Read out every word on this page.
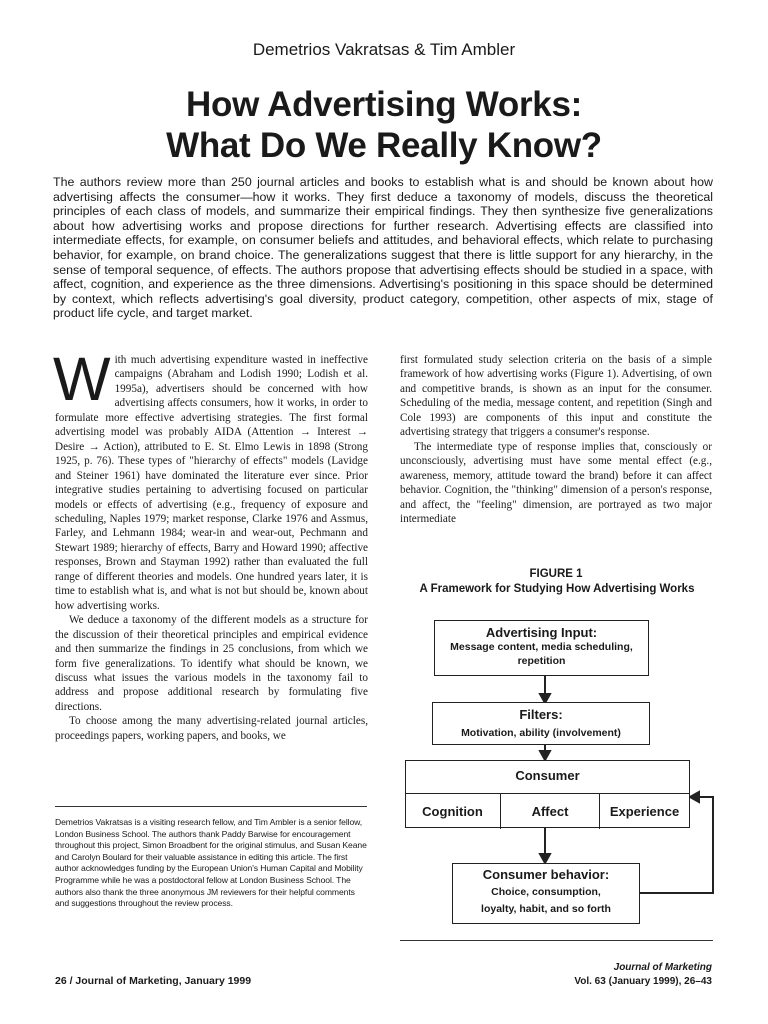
Demetrios Vakratsas & Tim Ambler
How Advertising Works:
What Do We Really Know?

The authors review more than 250 journal articles and books to establish what is and should be known about how advertising affects the consumer—how it works. They first deduce a taxonomy of models, discuss the theoretical principles of each class of models, and summarize their empirical findings. They then synthesize five generalizations about how advertising works and propose directions for further research. Advertising effects are classified into intermediate effects, for example, on consumer beliefs and attitudes, and behavioral effects, which relate to purchasing behavior, for example, on brand choice. The generalizations suggest that there is little support for any hierarchy, in the sense of temporal sequence, of effects. The authors propose that advertising effects should be studied in a space, with affect, cognition, and experience as the three dimensions. Advertising's positioning in this space should be determined by context, which reflects advertising's goal diversity, product category, competition, other aspects of mix, stage of product life cycle, and target market.

W ith much advertising expenditure wasted in ineffective campaigns (Abraham and Lodish 1990; Lodish et al. 1995a), advertisers should be concerned with how advertising affects consumers, how it works, in order to formulate more effective advertising strategies. The first formal advertising model was probably AIDA (Attention → Interest → Desire → Action), attributed to E. St. Elmo Lewis in 1898 (Strong 1925, p. 76). These types of "hierarchy of effects" models (Lavidge and Steiner 1961) have dominated the literature ever since. Prior integrative studies pertaining to advertising focused on particular models or effects of advertising (e.g., frequency of exposure and scheduling, Naples 1979; market response, Clarke 1976 and Assmus, Farley, and Lehmann 1984; wear-in and wear-out, Pechmann and Stewart 1989; hierarchy of effects, Barry and Howard 1990; affective responses, Brown and Stayman 1992) rather than evaluated the full range of different theories and models. One hundred years later, it is time to establish what is, and what is not but should be, known about how advertising works.

We deduce a taxonomy of the different models as a structure for the discussion of their theoretical principles and empirical evidence and then summarize the findings in 25 conclusions, from which we form five generalizations. To identify what should be known, we discuss what issues the various models in the taxonomy fail to address and propose additional research by formulating five directions.

To choose among the many advertising-related journal articles, proceedings papers, working papers, and books, we

Demetrios Vakratsas is a visiting research fellow, and Tim Ambler is a senior fellow, London Business School. The authors thank Paddy Barwise for encouragement throughout this project, Simon Broadbent for the original stimulus, and Susan Keane and Carolyn Boulard for their valuable assistance in editing this article. The first author acknowledges funding by the European Union's Human Capital and Mobility Programme while he was a postdoctoral fellow at London Business School. The authors also thank the three anonymous JM reviewers for their helpful comments and suggestions throughout the review process.

first formulated study selection criteria on the basis of a simple framework of how advertising works (Figure 1). Advertising, of own and competitive brands, is shown as an input for the consumer. Scheduling of the media, message content, and repetition (Singh and Cole 1993) are components of this input and constitute the advertising strategy that triggers a consumer's response.

The intermediate type of response implies that, consciously or unconsciously, advertising must have some mental effect (e.g., awareness, memory, attitude toward the brand) before it can affect behavior. Cognition, the "thinking" dimension of a person's response, and affect, the "feeling" dimension, are portrayed as two major intermediate

FIGURE 1
A Framework for Studying How Advertising Works
Advertising Input:
Message content, media scheduling,
repetition
Filters:
Motivation, ability (involvement)
Consumer
Cognition	Affect	Experience
Consumer behavior:
Choice, consumption,
loyalty, habit, and so forth
26 / Journal of Marketing, January 1999
Journal of Marketing
Vol. 63 (January 1999), 26–43
